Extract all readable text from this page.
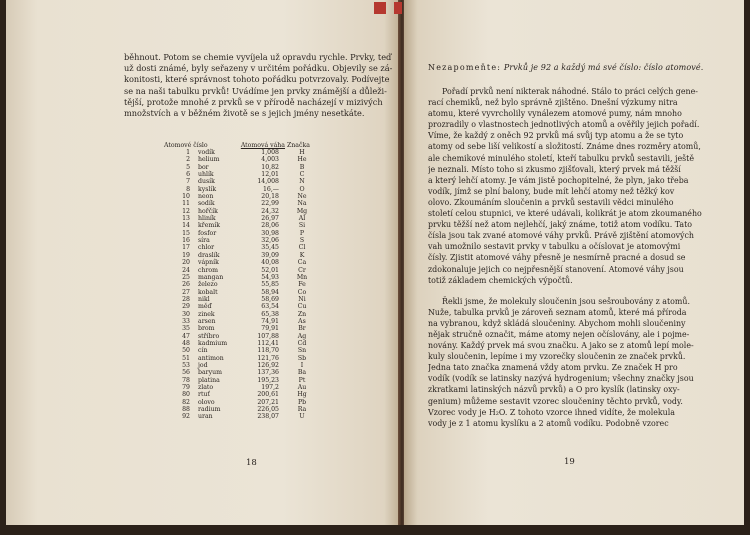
běhnout. Potom se chemie vyvíjela už opravdu rychle. Prvky, teď
už dosti známé, byly seřazeny v určitém pořádku. Objevily se zá-
konitosti, které správnost tohoto pořádku potvrzovaly. Podívejte
se na naši tabulku prvků! Uvádíme jen prvky známější a důleži-
tější, protože mnohé z prvků se v přírodě nacházejí v mizivých
množstvích a v běžném životě se s jejich jmény nesetkáte.
Atomové číslo	Atomová váha Značka
1	vodík	1,008	H
2	helium	4,003	He
5	bor	10,82	B
6	uhlík	12,01	C
7	dusík	14,008	N
8	kyslík	16,—	O
10	neon	20,18	Ne
11	sodík	22,99	Na
12	hořčík	24,32	Mg
13	hliník	26,97	Al
14	křemík	28,06	Si
15	fosfor	30,98	P
16	síra	32,06	S
17	chlor	35,45	Cl
19	draslík	39,09	K
20	vápník	40,08	Ca
24	chrom	52,01	Cr
25	mangan	54,93	Mn
26	železo	55,85	Fe
27	kobalt	58,94	Co
28	nikl	58,69	Ni
29	měď	63,54	Cu
30	zinek	65,38	Zn
33	arsen	74,91	As
35	brom	79,91	Br
47	stříbro	107,88	Ag
48	kadmium	112,41	Cd
50	cín	118,70	Sn
51	antimon	121,76	Sb
53	jod	126,92	I
56	baryum	137,36	Ba
78	platina	195,23	Pt
79	zlato	197,2	Au
80	rtuť	200,61	Hg
82	olovo	207,21	Pb
88	radium	226,05	Ra
92	uran	238,07	U
18
Nezapomeňte: Prvků je 92 a každý má své číslo: číslo atomové.
Pořadí prvků není nikterak náhodné. Stálo to práci celých gene-
rací chemiků, než bylo správně zjištěno. Dnešní výzkumy nitra
atomu, které vyvrcholily vynálezem atomové pumy, nám mnoho
prozradily o vlastnostech jednotlivých atomů a ověřily jejich pořadí.
Víme, že každý z oněch 92 prvků má svůj typ atomu a že se tyto
atomy od sebe liší velikostí a složitostí. Známe dnes rozměry atomů,
ale chemikové minulého století, kteří tabulku prvků sestavili, ještě
je neznali. Místo toho si zkusmo zjišťovali, který prvek má těžší
a který lehčí atomy. Je vám jistě pochopitelné, že plyn, jako třeba
vodík, jímž se plní balony, bude mít lehčí atomy než těžký kov
olovo. Zkoumáním sloučenin a prvků sestavili vědci minulého
století celou stupnici, ve které udávali, kolikrát je atom zkoumaného
prvku těžší než atom nejlehčí, jaký známe, totiž atom vodíku. Tato
čísla jsou tak zvané atomové váhy prvků. Právě zjištění atomových
vah umožnilo sestavit prvky v tabulku a očíslovat je atomovými
čísly. Zjistit atomové váhy přesně je nesmírně pracné a dosud se
zdokonaluje jejich co nejpřesnější stanovení. Atomové váhy jsou
totiž základem chemických výpočtů.
Řekli jsme, že molekuly sloučenin jsou sešroubovány z atomů.
Nuže, tabulka prvků je zároveň seznam atomů, které má příroda
na vybranou, když skládá sloučeniny. Abychom mohli sloučeniny
nějak stručně označit, máme atomy nejen očíslovány, ale i pojme-
novány. Každý prvek má svou značku. A jako se z atomů lepí mole-
kuly sloučenin, lepíme i my vzorečky sloučenin ze značek prvků.
Jedna tato značka znamená vždy atom prvku. Ze značek H pro
vodík (vodík se latinsky nazývá hydrogenium; všechny značky jsou
zkratkami latinských názvů prvků) a O pro kyslík (latinsky oxy-
genium) můžeme sestavit vzorec sloučeniny těchto prvků, vody.
Vzorec vody je H₂O. Z tohoto vzorce ihned vidíte, že molekula
vody je z 1 atomu kyslíku a 2 atomů vodíku. Podobně vzorec
19
